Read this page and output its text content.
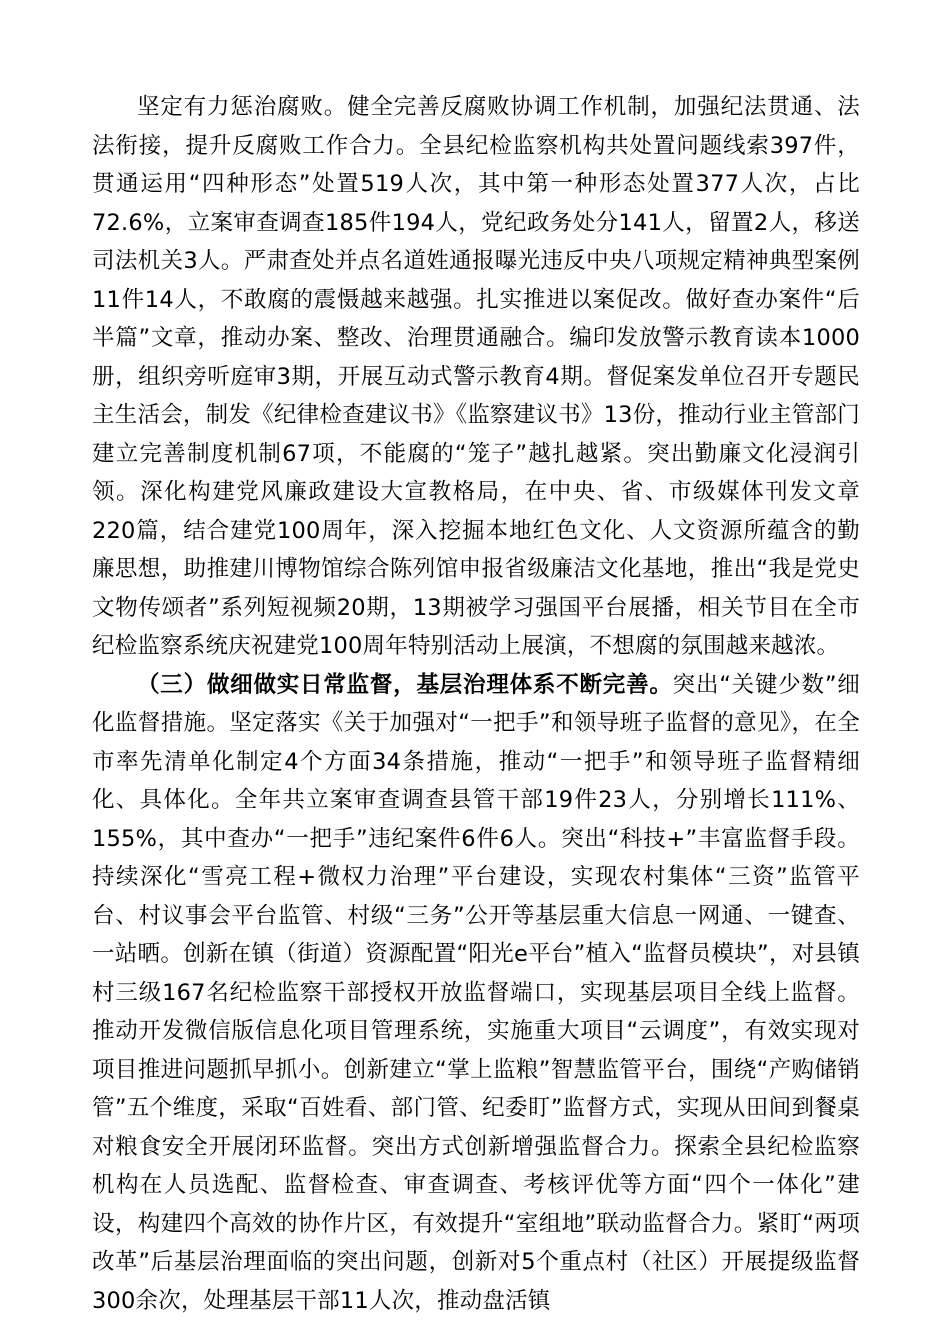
坚定有力惩治腐败。健全完善反腐败协调工作机制，加强纪法贯通、法法衔接，提升反腐败工作合力。全县纪检监察机构共处置问题线索397件，贯通运用“四种形态”处置519人次，其中第一种形态处置377人次，占比72.6%，立案审查调查185件194人，党纪政务处分141人，留置2人，移送司法机关3人。严肃查处并点名道姓通报曝光违反中央八项规定精神典型案例11件14人，不敢腐的震慑越来越强。扎实推进以案促改。做好查办案件“后半篇”文章，推动办案、整改、治理贯通融合。编印发放警示教育读本1000册，组织旁听庭审3期，开展互动式警示教育4期。督促案发单位召开专题民主生活会，制发《纪律检查建议书》《监察建议书》13份，推动行业主管部门建立完善制度机制67项，不能腐的“笼子”越扎越紧。突出勤廉文化浸润引领。深化构建党风廉政建设大宣教格局，在中央、省、市级媒体刊发文章220篇，结合建党100周年，深入挖掘本地红色文化、人文资源所蕴含的勤廉思想，助推建川博物馆综合陈列馆申报省级廉洁文化基地，推出“我是党史文物传颂者”系列短视频20期，13期被学习强国平台展播，相关节目在全市纪检监察系统庆祝建党100周年特别活动上展演，不想腐的氛围越来越浓。

（三）做细做实日常监督，基层治理体系不断完善。突出“关键少数”细化监督措施。坚定落实《关于加强对“一把手”和领导班子监督的意见》，在全市率先清单化制定4个方面34条措施，推动“一把手”和领导班子监督精细化、具体化。全年共立案审查调查县管干部19件23人，分别增长111%、155%，其中查办“一把手”违纪案件6件6人。突出“科技+”丰富监督手段。持续深化“雪亮工程+微权力治理”平台建设，实现农村集体“三资”监管平台、村议事会平台监管、村级“三务”公开等基层重大信息一网通、一键查、一站晒。创新在镇（街道）资源配置“阳光e平台”植入“监督员模块”，对县镇村三级167名纪检监察干部授权开放监督端口，实现基层项目全线上监督。推动开发微信版信息化项目管理系统，实施重大项目“云调度”，有效实现对项目推进问题抓早抓小。创新建立“掌上监粮”智慧监管平台，围绕“产购储销管”五个维度，采取“百姓看、部门管、纪委盯”监督方式，实现从田间到餐桌对粮食安全开展闭环监督。突出方式创新增强监督合力。探索全县纪检监察机构在人员选配、监督检查、审查调查、考核评优等方面“四个一体化”建设，构建四个高效的协作片区，有效提升“室组地”联动监督合力。紧盯“两项改革”后基层治理面临的突出问题，创新对5个重点村（社区）开展提级监督300余次，处理基层干部11人次，推动盘活镇
